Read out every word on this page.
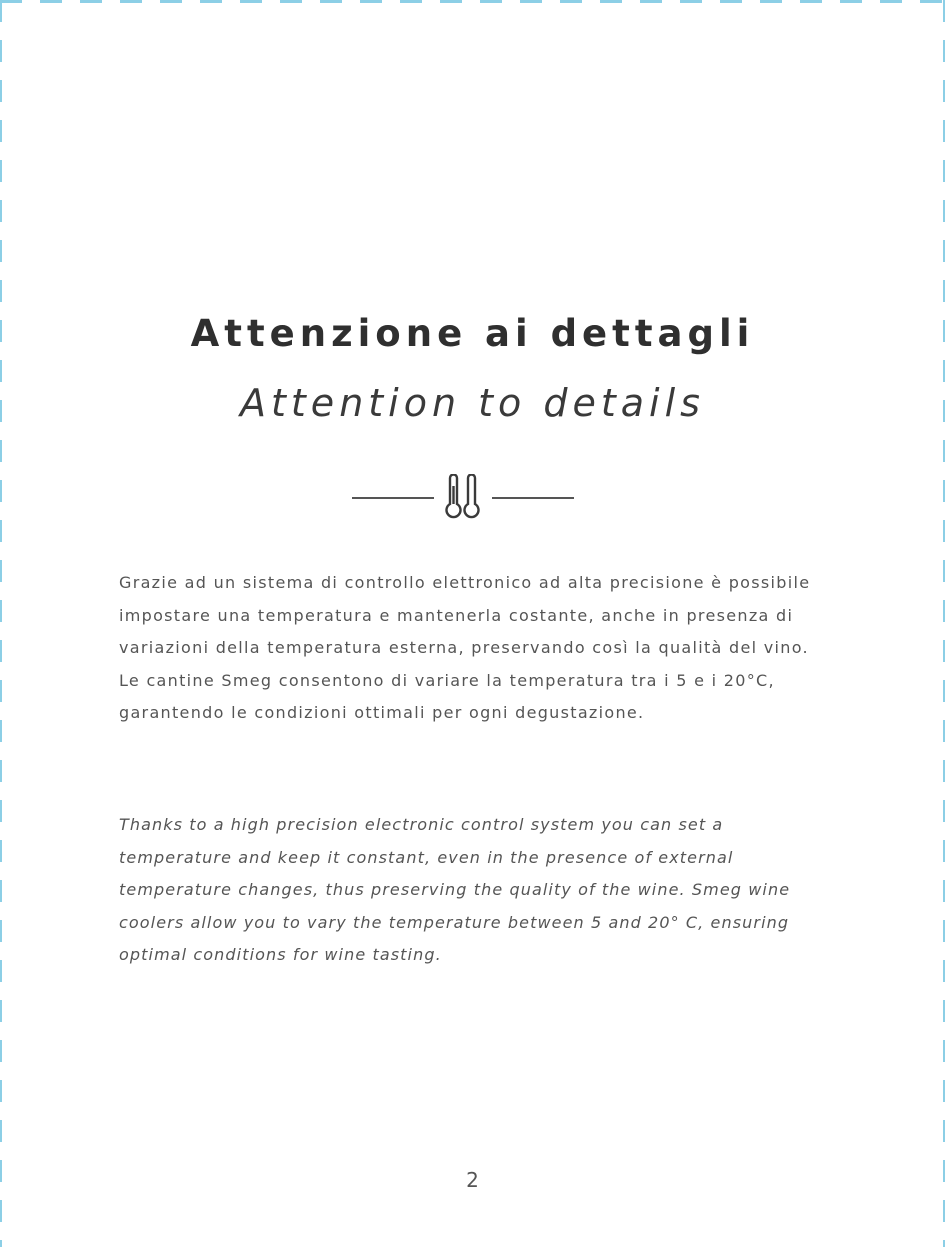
Attenzione ai dettagli
Attention to details

Grazie ad un sistema di controllo elettronico ad alta precisione è possibile impostare una temperatura e mantenerla costante, anche in presenza di variazioni della temperatura esterna, preservando così la qualità del vino. Le cantine Smeg consentono di variare la temperatura tra i 5 e i 20°C, garantendo le condizioni ottimali per ogni degustazione.

Thanks to a high precision electronic control system you can set a temperature and keep it constant, even in the presence of external temperature changes, thus preserving the quality of the wine. Smeg wine coolers allow you to vary the temperature between 5 and 20° C, ensuring optimal conditions for wine tasting.

2
